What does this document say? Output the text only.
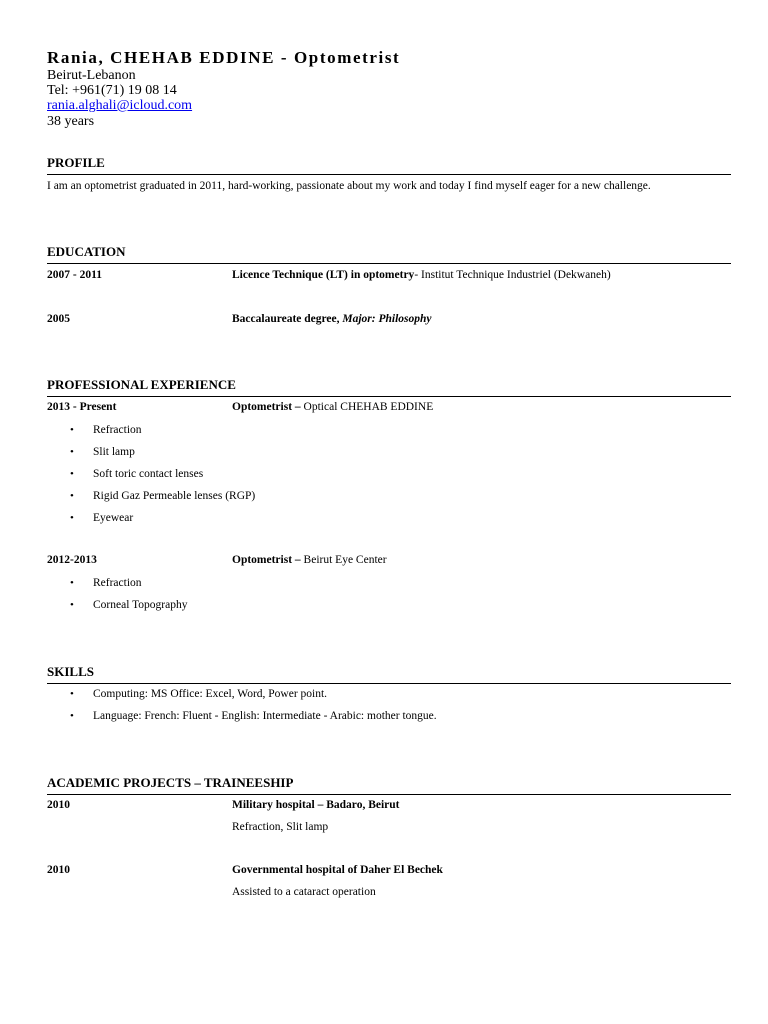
Rania, CHEHAB EDDINE - Optometrist
Beirut-Lebanon
Tel: +961(71) 19 08 14
rania.alghali@icloud.com
38 years
PROFILE
I am an optometrist graduated in 2011, hard-working, passionate about my work and today I find myself eager for a new challenge.
EDUCATION
2007 - 2011	Licence Technique (LT) in optometry- Institut Technique Industriel (Dekwaneh)
2005	Baccalaureate degree, Major: Philosophy
PROFESSIONAL EXPERIENCE
2013 - Present	Optometrist – Optical CHEHAB EDDINE
• Refraction
• Slit lamp
• Soft toric contact lenses
• Rigid Gaz Permeable lenses (RGP)
• Eyewear
2012-2013	Optometrist – Beirut Eye Center
• Refraction
• Corneal Topography
SKILLS
• Computing: MS Office: Excel, Word, Power point.
• Language: French: Fluent - English: Intermediate - Arabic: mother tongue.
ACADEMIC PROJECTS – TRAINEESHIP
2010	Military hospital – Badaro, Beirut
Refraction, Slit lamp
2010	Governmental hospital of Daher El Bechek
Assisted to a cataract operation
